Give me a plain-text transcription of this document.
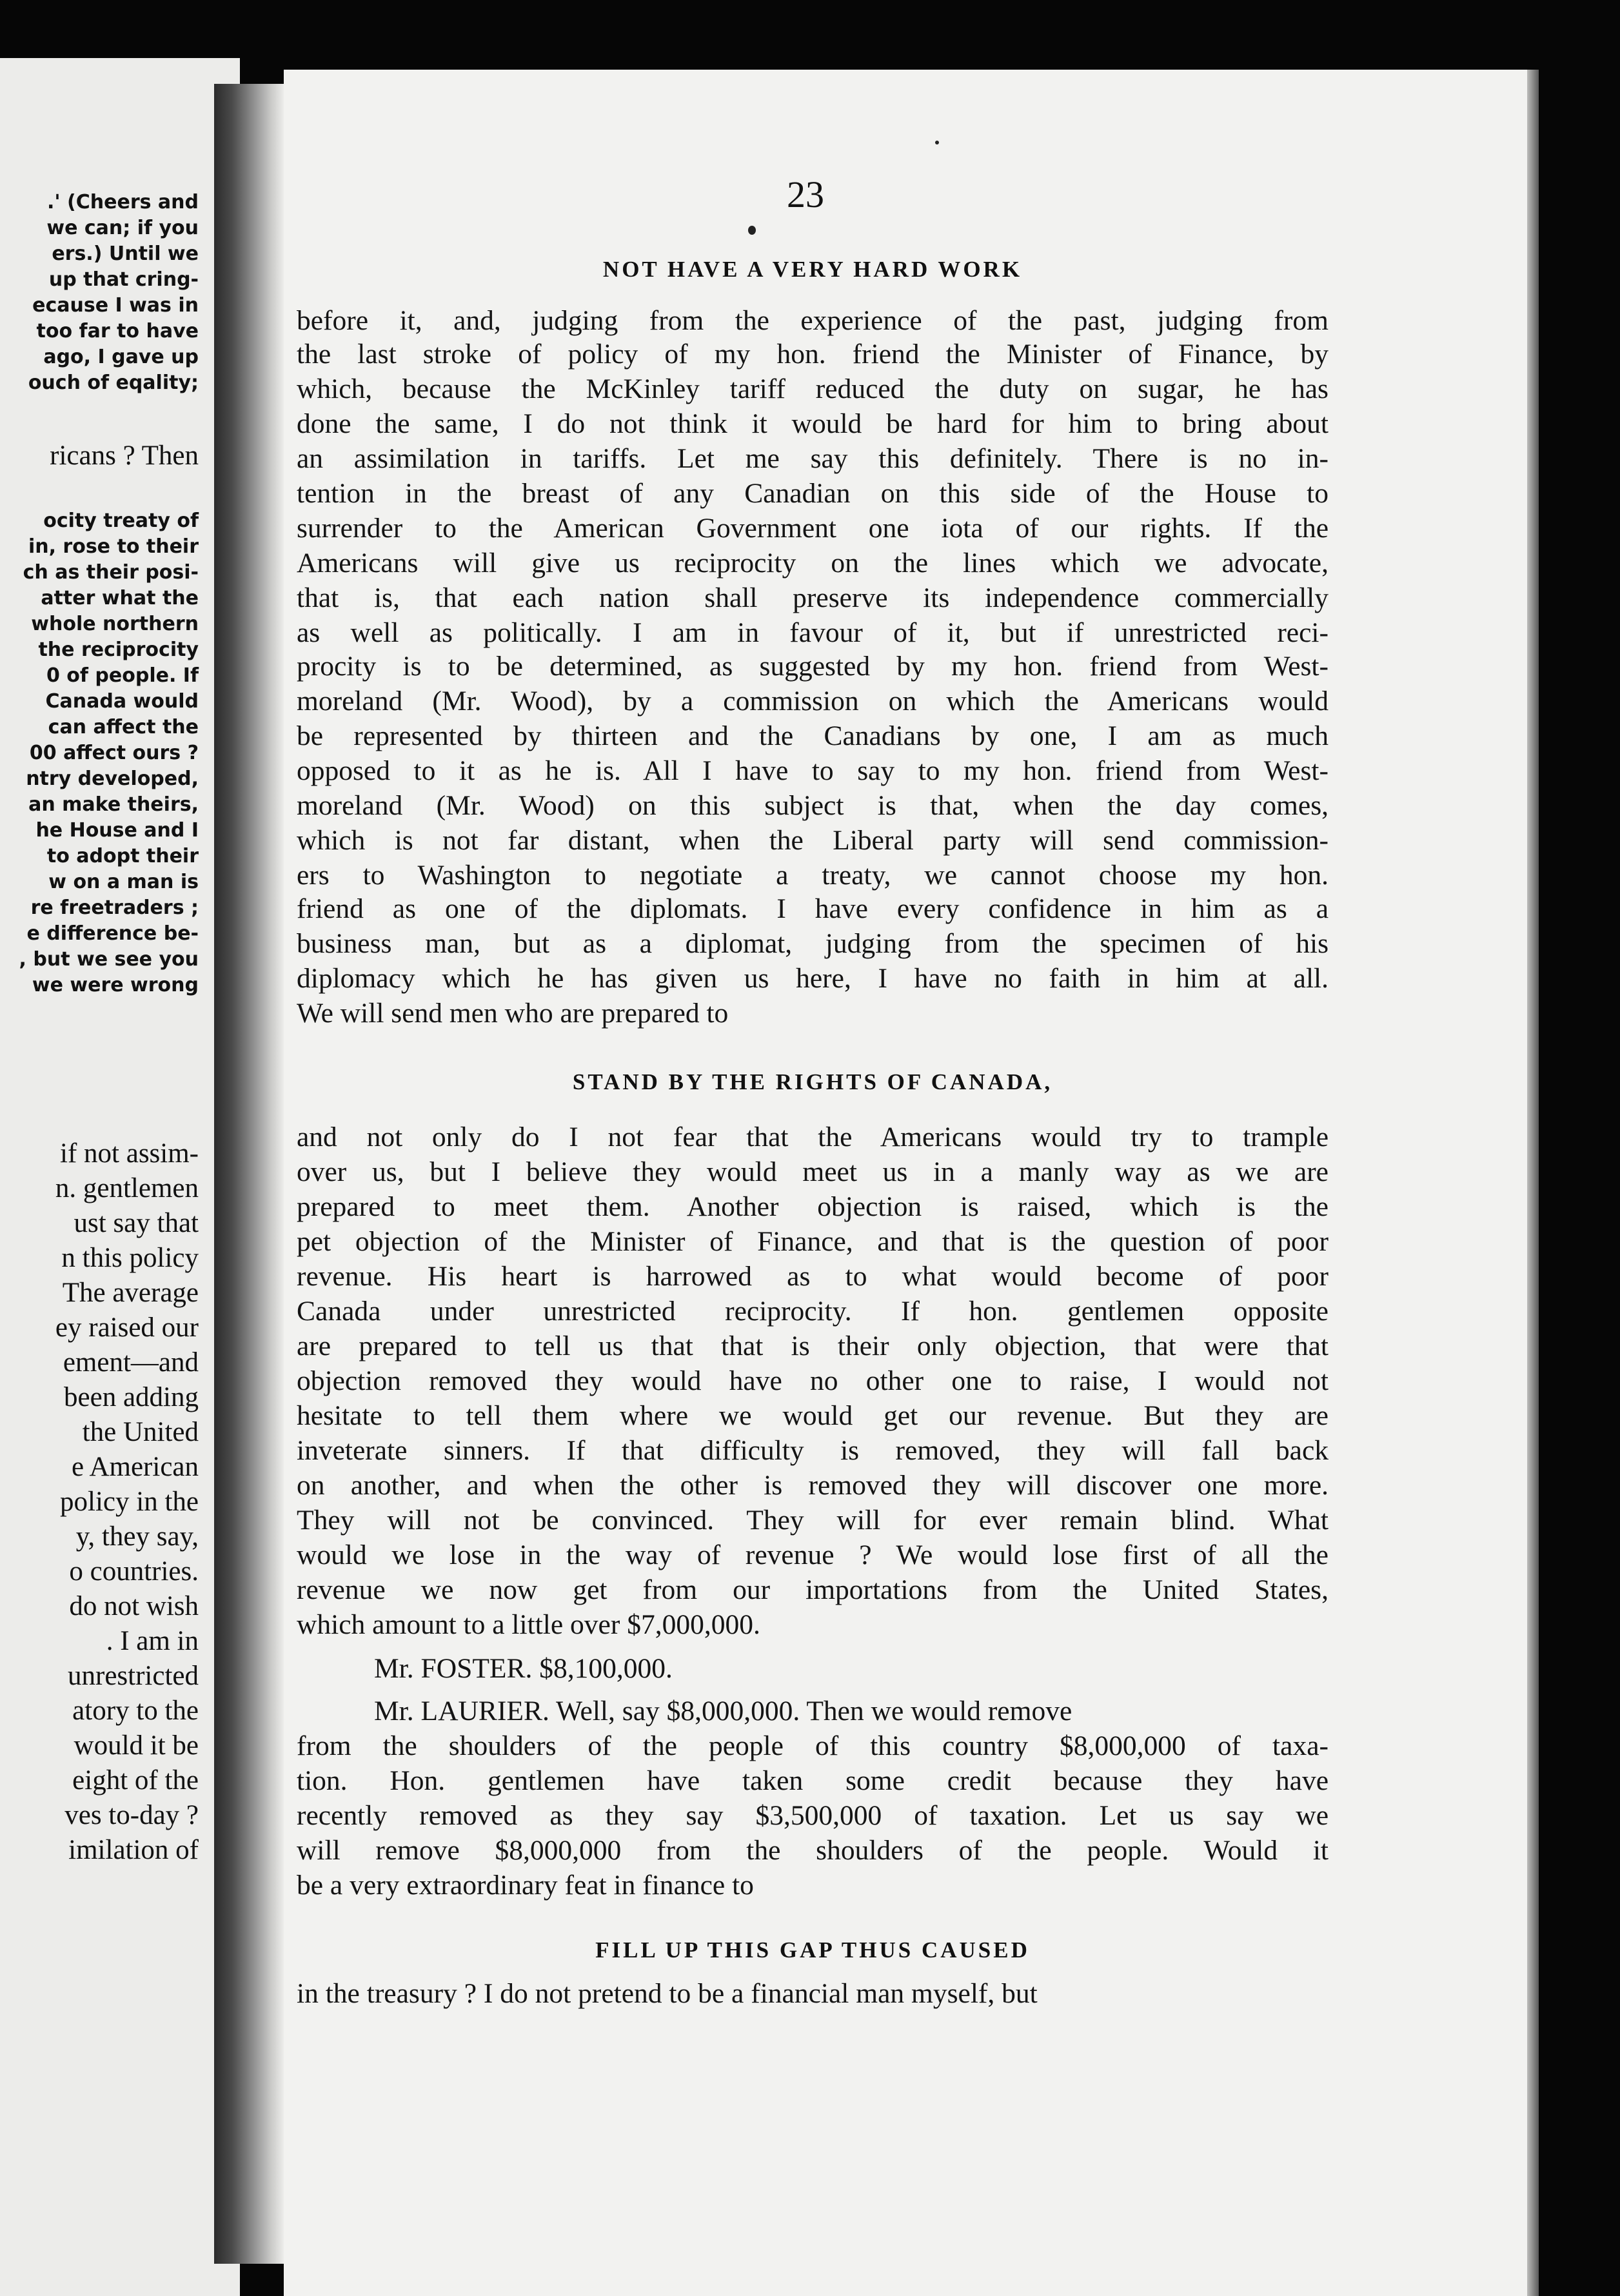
.' (Cheers and
we can; if you
ers.) Until we
up that cring-
ecause I was in
too far to have
ago, I gave up
ouch of eqality;
ricans ? Then
ocity treaty of
in, rose to their
ch as their posi-
atter what the
whole northern
the reciprocity
0 of people. If
Canada would
can affect the
00 affect ours ?
ntry developed,
an make theirs,
he House and I
to adopt their
w on a man is
re freetraders ;
e difference be-
, but we see you
we were wrong
if not assim-
n. gentlemen
ust say that
n this policy
The average
ey raised our
ement—and
been adding
the United
e American
policy in the
y, they say,
o countries.
do not wish
. I am in
unrestricted
atory to the
would it be
eight of the
ves to-day ?
imilation of
23
NOT HAVE A VERY HARD WORK
before it, and, judging from the experience of the past, judging from
the last stroke of policy of my hon. friend the Minister of Finance, by
which, because the McKinley tariff reduced the duty on sugar, he has
done the same, I do not think it would be hard for him to bring about
an assimilation in tariffs. Let me say this definitely. There is no in-
tention in the breast of any Canadian on this side of the House to
surrender to the American Government one iota of our rights. If the
Americans will give us reciprocity on the lines which we advocate,
that is, that each nation shall preserve its independence commercially
as well as politically. I am in favour of it, but if unrestricted reci-
procity is to be determined, as suggested by my hon. friend from West-
moreland (Mr. Wood), by a commission on which the Americans would
be represented by thirteen and the Canadians by one, I am as much
opposed to it as he is. All I have to say to my hon. friend from West-
moreland (Mr. Wood) on this subject is that, when the day comes,
which is not far distant, when the Liberal party will send commission-
ers to Washington to negotiate a treaty, we cannot choose my hon.
friend as one of the diplomats. I have every confidence in him as a
business man, but as a diplomat, judging from the specimen of his
diplomacy which he has given us here, I have no faith in him at all.
We will send men who are prepared to
STAND BY THE RIGHTS OF CANADA,
and not only do I not fear that the Americans would try to trample
over us, but I believe they would meet us in a manly way as we are
prepared to meet them. Another objection is raised, which is the
pet objection of the Minister of Finance, and that is the question of poor
revenue. His heart is harrowed as to what would become of poor
Canada under unrestricted reciprocity. If hon. gentlemen opposite
are prepared to tell us that that is their only objection, that were that
objection removed they would have no other one to raise, I would not
hesitate to tell them where we would get our revenue. But they are
inveterate sinners. If that difficulty is removed, they will fall back
on another, and when the other is removed they will discover one more.
They will not be convinced. They will for ever remain blind. What
would we lose in the way of revenue ? We would lose first of all the
revenue we now get from our importations from the United States,
which amount to a little over $7,000,000.
Mr. FOSTER. $8,100,000.
Mr. LAURIER. Well, say $8,000,000. Then we would remove
from the shoulders of the people of this country $8,000,000 of taxa-
tion. Hon. gentlemen have taken some credit because they have
recently removed as they say $3,500,000 of taxation. Let us say we
will remove $8,000,000 from the shoulders of the people. Would it
be a very extraordinary feat in finance to
FILL UP THIS GAP THUS CAUSED
in the treasury ? I do not pretend to be a financial man myself, but
